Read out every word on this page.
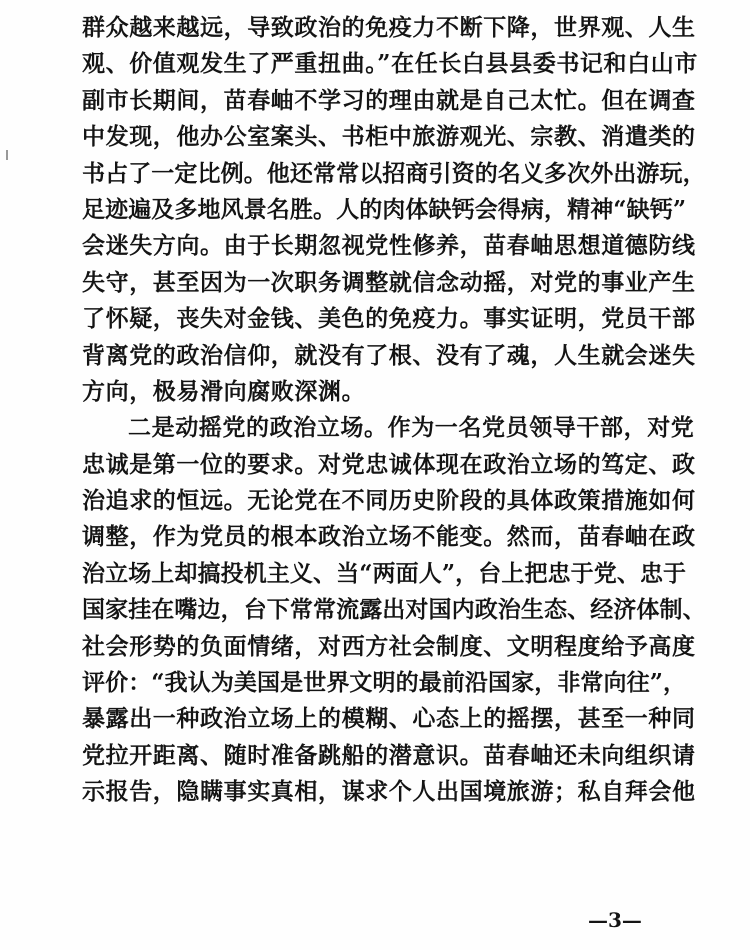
群众越来越远，导致政治的免疫力不断下降，世界观、人生
观、价值观发生了严重扭曲。”在任长白县县委书记和白山市
副市长期间，苗春岫不学习的理由就是自己太忙。但在调查
中发现，他办公室案头、书柜中旅游观光、宗教、消遣类的
书占了一定比例。他还常常以招商引资的名义多次外出游玩，
足迹遍及多地风景名胜。人的肉体缺钙会得病，精神“缺钙”
会迷失方向。由于长期忽视党性修养，苗春岫思想道德防线
失守，甚至因为一次职务调整就信念动摇，对党的事业产生
了怀疑，丧失对金钱、美色的免疫力。事实证明，党员干部
背离党的政治信仰，就没有了根、没有了魂，人生就会迷失
方向，极易滑向腐败深渊。
二是动摇党的政治立场。作为一名党员领导干部，对党
忠诚是第一位的要求。对党忠诚体现在政治立场的笃定、政
治追求的恒远。无论党在不同历史阶段的具体政策措施如何
调整，作为党员的根本政治立场不能变。然而，苗春岫在政
治立场上却搞投机主义、当“两面人”，台上把忠于党、忠于
国家挂在嘴边，台下常常流露出对国内政治生态、经济体制、
社会形势的负面情绪，对西方社会制度、文明程度给予高度
评价：“我认为美国是世界文明的最前沿国家，非常向往”，
暴露出一种政治立场上的模糊、心态上的摇摆，甚至一种同
党拉开距离、随时准备跳船的潜意识。苗春岫还未向组织请
示报告，隐瞒事实真相，谋求个人出国境旅游；私自拜会他
—3—
